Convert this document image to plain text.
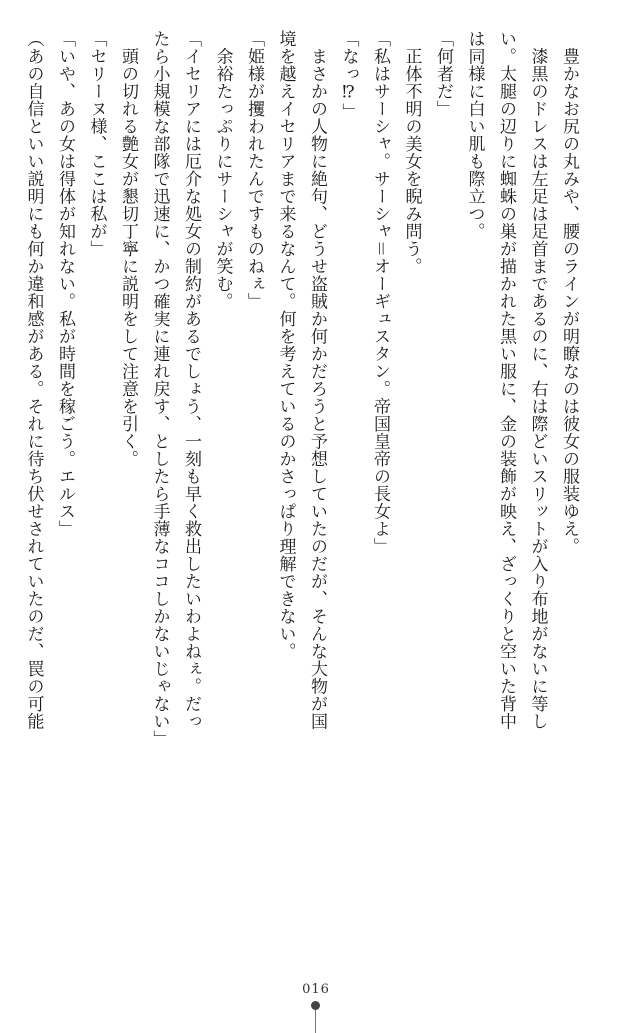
　豊かなお尻の丸みや、腰のラインが明瞭なのは彼女の服装ゆえ。
　漆黒のドレスは左足は足首まであるのに、右は際どいスリットが入り布地がないに等し
い。太腿の辺りに蜘蛛の巣が描かれた黒い服に、金の装飾が映え、ざっくりと空いた背中
は同様に白い肌も際立つ。
「何者だ」
　正体不明の美女を睨み問う。
「私はサーシャ。サーシャ＝オーギュスタン。帝国皇帝の長女よ」
「なっ⁉」
　まさかの人物に絶句、どうせ盗賊か何かだろうと予想していたのだが、そんな大物が国
境を越えイセリアまで来るなんて。何を考えているのかさっぱり理解できない。
「姫様が攫われたんですものねぇ」
　余裕たっぷりにサーシャが笑む。
「イセリアには厄介な処女の制約があるでしょう、一刻も早く救出したいわよねぇ。だっ
たら小規模な部隊で迅速に、かつ確実に連れ戻す、としたら手薄なココしかないじゃない」
　頭の切れる艶女が懇切丁寧に説明をして注意を引く。
「セリーヌ様、ここは私が」
「いや、あの女は得体が知れない。私が時間を稼ごう。エルス」
（あの自信といい説明にも何か違和感がある。それに待ち伏せされていたのだ、罠の可能
016
